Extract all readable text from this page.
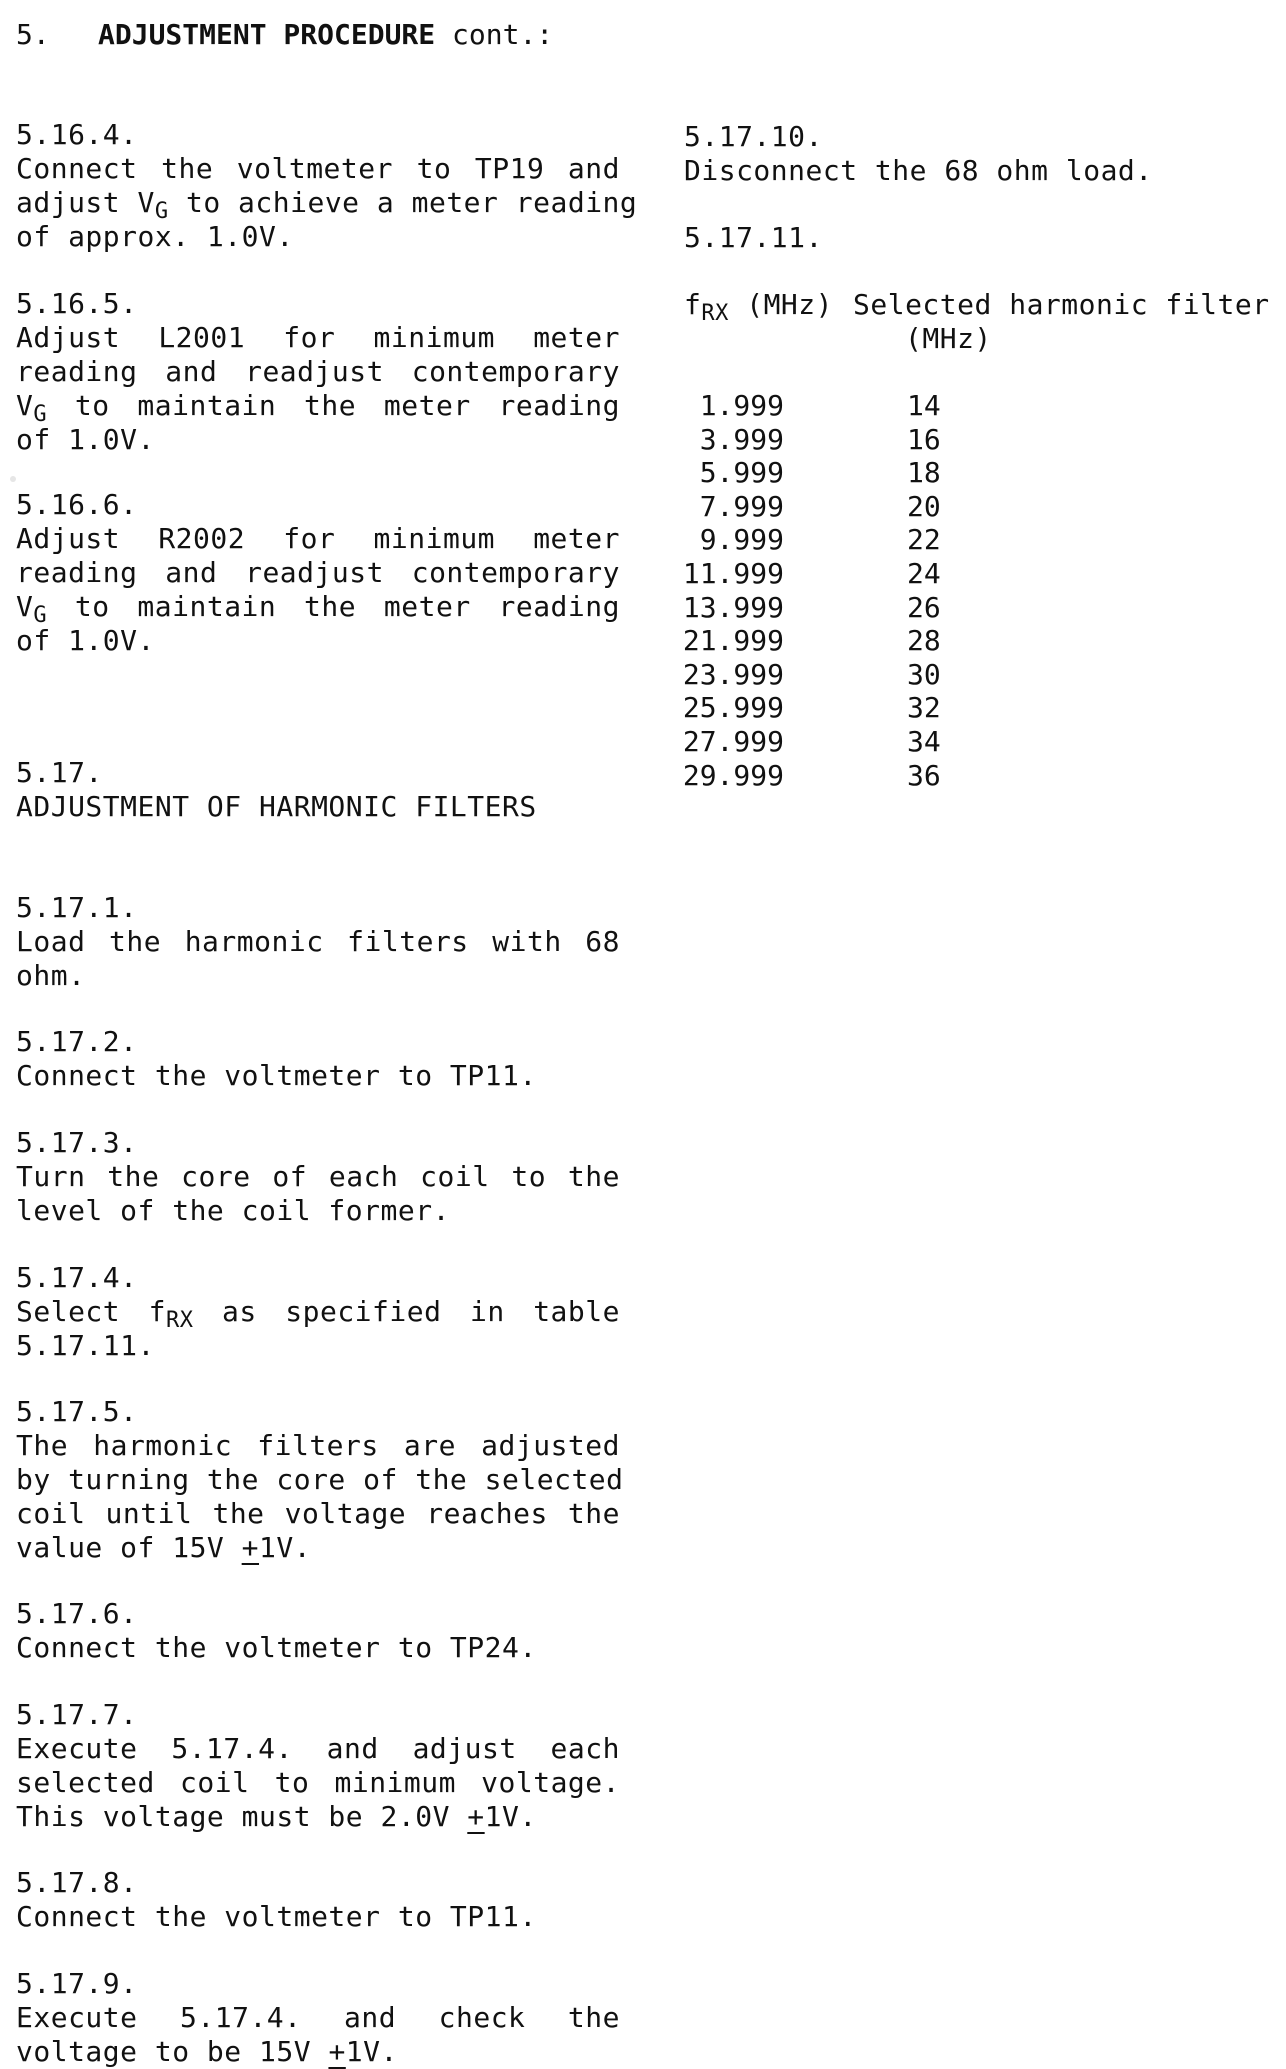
5. ADJUSTMENT PROCEDURE cont.:
5.16.4.
Connect the voltmeter to TP19 and
adjust $V_G$ to achieve a meter reading
of approx. 1.0V.
5.16.5.
Adjust L2001 for minimum meter
reading and readjust contemporary
$V_G$ to maintain the meter reading
of 1.0V.
5.16.6.
Adjust R2002 for minimum meter
reading and readjust contemporary
$V_G$ to maintain the meter reading
of 1.0V.
5.17.
ADJUSTMENT OF HARMONIC FILTERS
5.17.1.
Load the harmonic filters with 68
ohm.
5.17.2.
Connect the voltmeter to TP11.
5.17.3.
Turn the core of each coil to the
level of the coil former.
5.17.4.
Select $f_{RX}$ as specified in table
5.17.11.
5.17.5.
The harmonic filters are adjusted
by turning the core of the selected
coil until the voltage reaches the
value of 15V +1V.
5.17.6.
Connect the voltmeter to TP24.
5.17.7.
Execute 5.17.4. and adjust each
selected coil to minimum voltage.
This voltage must be 2.0V +1V.
5.17.8.
Connect the voltmeter to TP11.
5.17.9.
Execute 5.17.4. and check the
voltage to be 15V +1V.
5.17.10.
Disconnect the 68 ohm load.
5.17.11.
$f_{RX}$ (MHz) Selected harmonic filter
(MHz)
1.999	14
3.999	16
5.999	18
7.999	20
9.999	22
11.999	24
13.999	26
21.999	28
23.999	30
25.999	32
27.999	34
29.999	36
